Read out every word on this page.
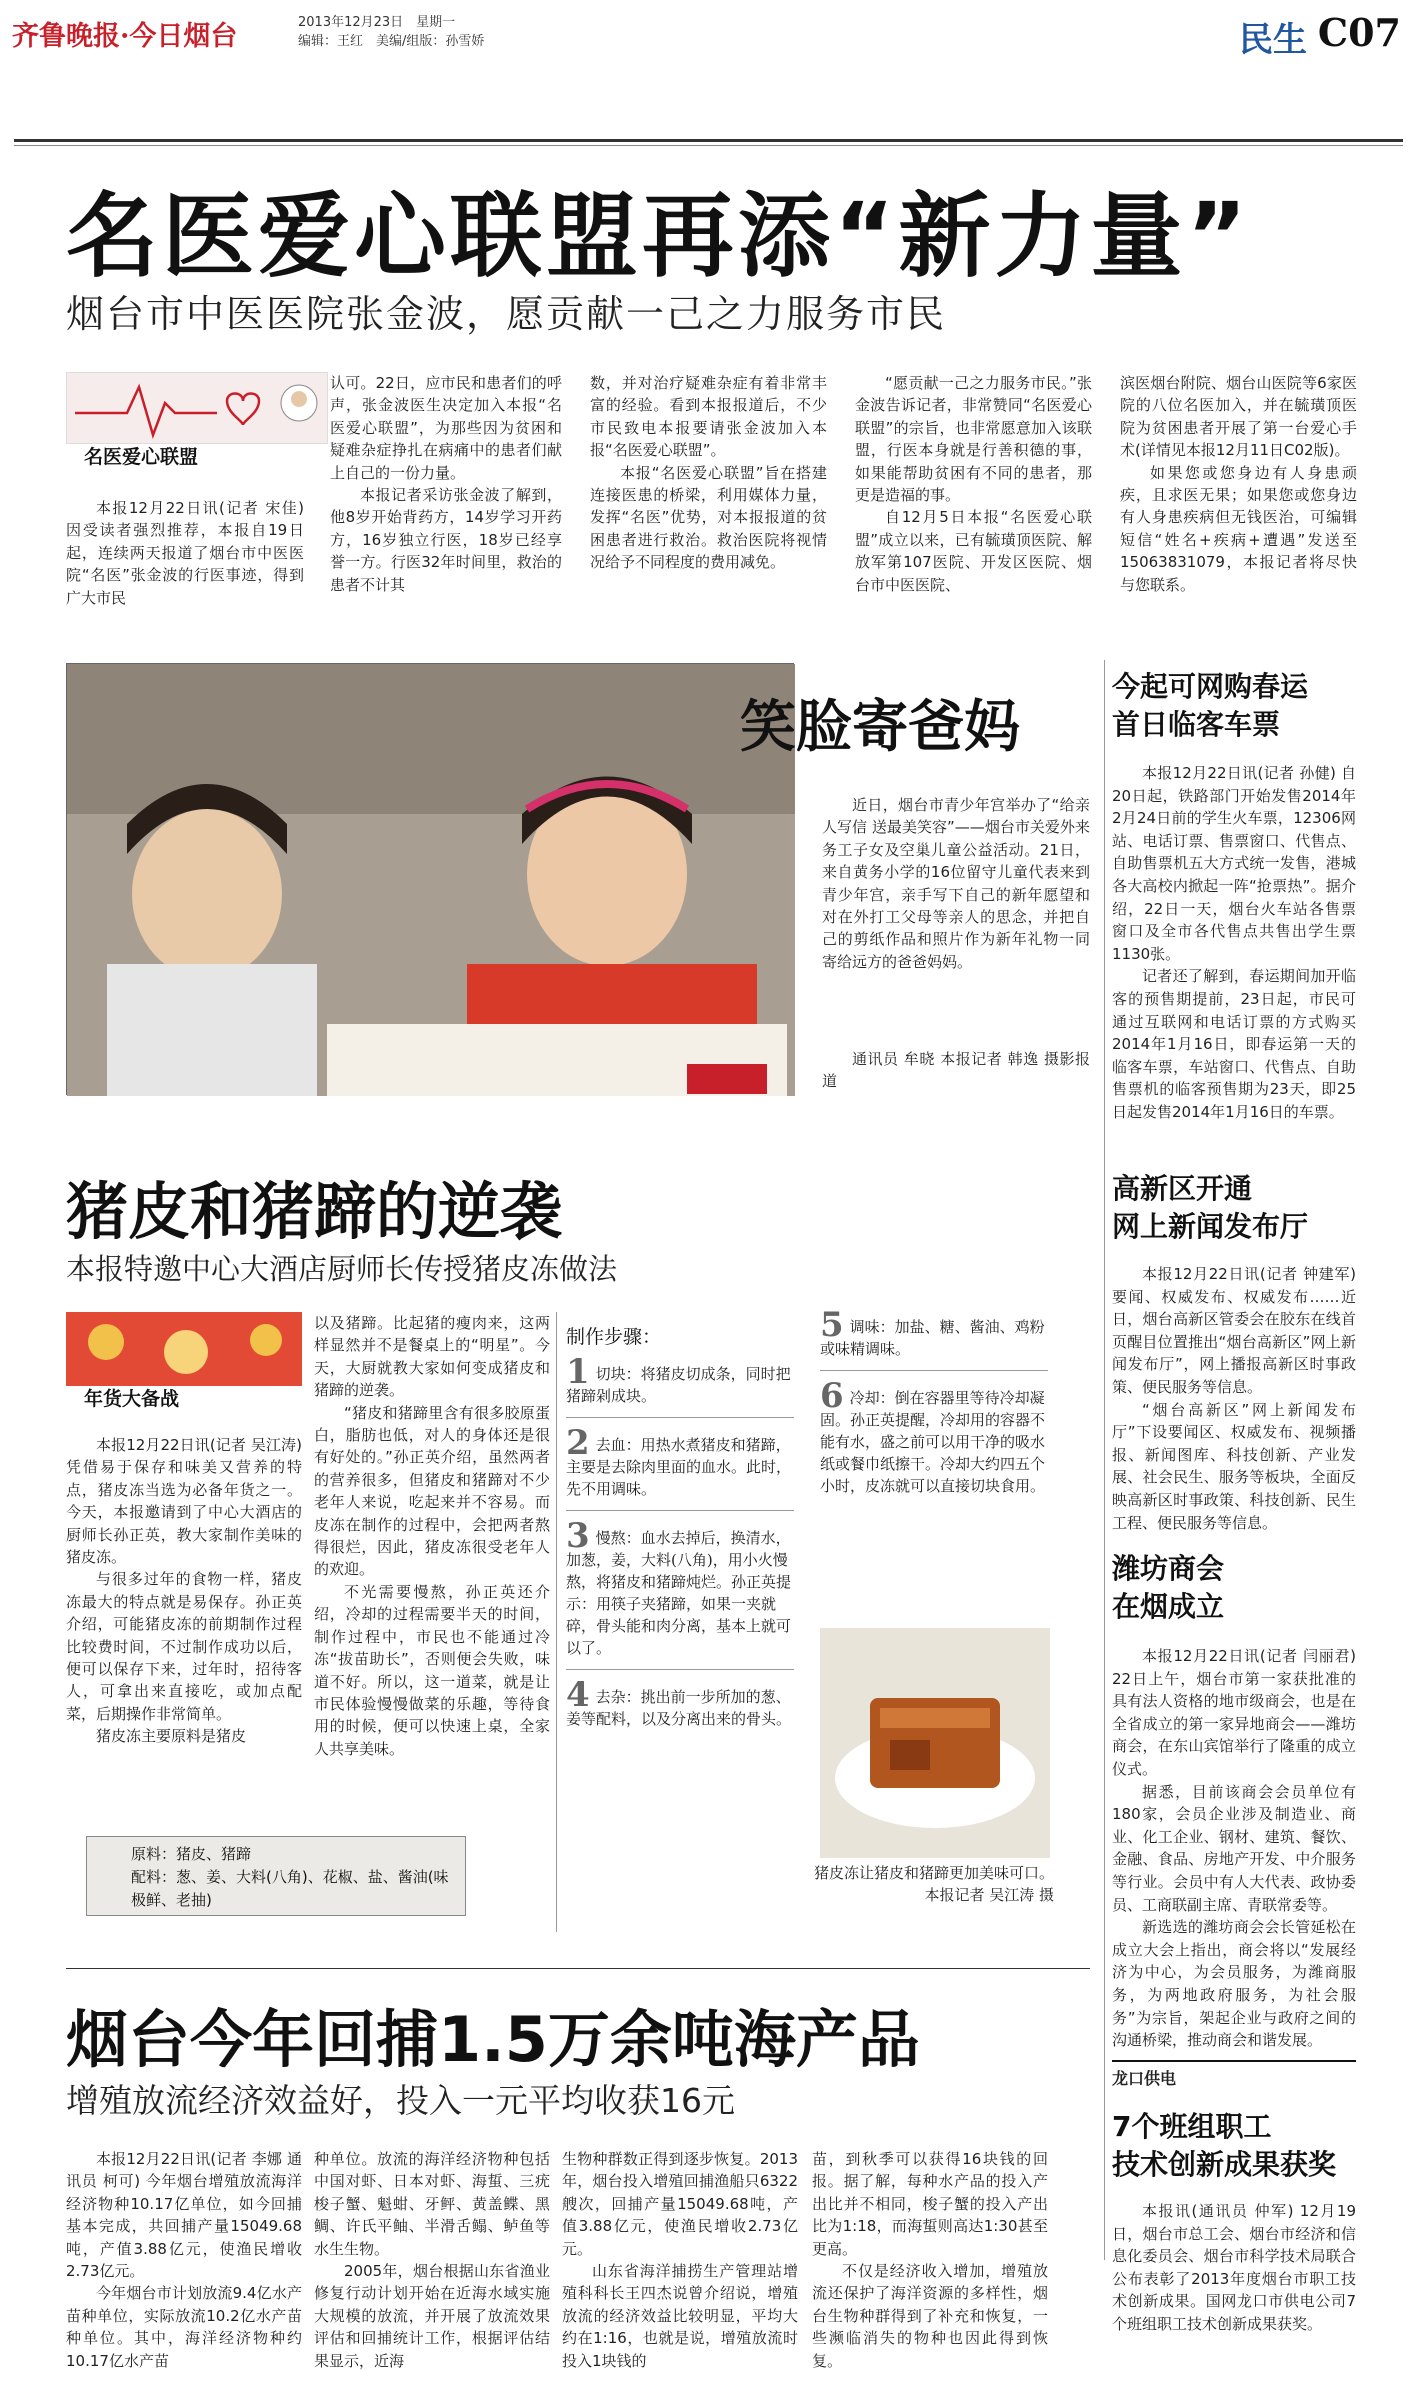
齐鲁晚报·今日烟台	2013年12月23日　星期一
编辑：王红　美编/组版：孙雪娇	民生 C07
名医爱心联盟再添“新力量”
烟台市中医医院张金波，愿贡献一己之力服务市民
名医爱心联盟

本报12月22日讯(记者 宋佳) 因受读者强烈推荐，本报自19日起，连续两天报道了烟台市中医医院“名医”张金波的行医事迹，得到广大市民

认可。22日，应市民和患者们的呼声，张金波医生决定加入本报“名医爱心联盟”，为那些因为贫困和疑难杂症挣扎在病痛中的患者们献上自己的一份力量。

本报记者采访张金波了解到，他8岁开始背药方，14岁学习开药方，16岁独立行医，18岁已经享誉一方。行医32年时间里，救治的患者不计其

数，并对治疗疑难杂症有着非常丰富的经验。看到本报报道后，不少市民致电本报要请张金波加入本报“名医爱心联盟”。

本报“名医爱心联盟”旨在搭建连接医患的桥梁，利用媒体力量，发挥“名医”优势，对本报报道的贫困患者进行救治。救治医院将视情况给予不同程度的费用减免。

“愿贡献一己之力服务市民。”张金波告诉记者，非常赞同“名医爱心联盟”的宗旨，也非常愿意加入该联盟，行医本身就是行善积德的事，如果能帮助贫困有不同的患者，那更是造福的事。

自12月5日本报“名医爱心联盟”成立以来，已有毓璜顶医院、解放军第107医院、开发区医院、烟台市中医医院、

滨医烟台附院、烟台山医院等6家医院的八位名医加入，并在毓璜顶医院为贫困患者开展了第一台爱心手术(详情见本报12月11日C02版)。

如果您或您身边有人身患顽疾，且求医无果；如果您或您身边有人身患疾病但无钱医治，可编辑短信“姓名+疾病+遭遇”发送至15063831079，本报记者将尽快与您联系。

笑脸寄爸妈

近日，烟台市青少年宫举办了“给亲人写信 送最美笑容”——烟台市关爱外来务工子女及空巢儿童公益活动。21日，来自黄务小学的16位留守儿童代表来到青少年宫，亲手写下自己的新年愿望和对在外打工父母等亲人的思念，并把自己的剪纸作品和照片作为新年礼物一同寄给远方的爸爸妈妈。

通讯员 牟晓 本报记者 韩逸 摄影报道
今起可网购春运
首日临客车票

本报12月22日讯(记者 孙健) 自20日起，铁路部门开始发售2014年2月24日前的学生火车票，12306网站、电话订票、售票窗口、代售点、自助售票机五大方式统一发售，港城各大高校内掀起一阵“抢票热”。据介绍，22日一天，烟台火车站各售票窗口及全市各代售点共售出学生票1130张。

记者还了解到，春运期间加开临客的预售期提前，23日起，市民可通过互联网和电话订票的方式购买2014年1月16日，即春运第一天的临客车票，车站窗口、代售点、自助售票机的临客预售期为23天，即25日起发售2014年1月16日的车票。

猪皮和猪蹄的逆袭
本报特邀中心大酒店厨师长传授猪皮冻做法
年货大备战

本报12月22日讯(记者 吴江涛) 凭借易于保存和味美又营养的特点，猪皮冻当选为必备年货之一。今天，本报邀请到了中心大酒店的厨师长孙正英，教大家制作美味的猪皮冻。

与很多过年的食物一样，猪皮冻最大的特点就是易保存。孙正英介绍，可能猪皮冻的前期制作过程比较费时间，不过制作成功以后，便可以保存下来，过年时，招待客人，可拿出来直接吃，或加点配菜，后期操作非常简单。

猪皮冻主要原料是猪皮

以及猪蹄。比起猪的瘦肉来，这两样显然并不是餐桌上的“明星”。今天，大厨就教大家如何变成猪皮和猪蹄的逆袭。

“猪皮和猪蹄里含有很多胶原蛋白，脂肪也低，对人的身体还是很有好处的。”孙正英介绍，虽然两者的营养很多，但猪皮和猪蹄对不少老年人来说，吃起来并不容易。而皮冻在制作的过程中，会把两者熬得很烂，因此，猪皮冻很受老年人的欢迎。

不光需要慢熬，孙正英还介绍，冷却的过程需要半天的时间，制作过程中，市民也不能通过冷冻“拔苗助长”，否则便会失败，味道不好。所以，这一道菜，就是让市民体验慢慢做菜的乐趣，等待食用的时候，便可以快速上桌，全家人共享美味。

原料：猪皮、猪蹄
配料：葱、姜、大料(八角)、花椒、盐、酱油(味极鲜、老抽)
制作步骤：
1 切块：将猪皮切成条，同时把猪蹄剁成块。
2 去血：用热水煮猪皮和猪蹄，主要是去除肉里面的血水。此时，先不用调味。
3 慢熬：血水去掉后，换清水，加葱，姜，大料(八角)，用小火慢熬，将猪皮和猪蹄炖烂。孙正英提示：用筷子夹猪蹄，如果一夹就碎，骨头能和肉分离，基本上就可以了。
4 去杂：挑出前一步所加的葱、姜等配料，以及分离出来的骨头。
5 调味：加盐、糖、酱油、鸡粉或味精调味。
6 冷却：倒在容器里等待冷却凝固。孙正英提醒，冷却用的容器不能有水，盛之前可以用干净的吸水纸或餐巾纸擦干。冷却大约四五个小时，皮冻就可以直接切块食用。
猪皮冻让猪皮和猪蹄更加美味可口。
本报记者 吴江涛 摄
高新区开通
网上新闻发布厅

本报12月22日讯(记者 钟建军) 要闻、权威发布、权威发布……近日，烟台高新区管委会在胶东在线首页醒目位置推出“烟台高新区”网上新闻发布厅”，网上播报高新区时事政策、便民服务等信息。

“烟台高新区”网上新闻发布厅”下设要闻区、权威发布、视频播报、新闻图库、科技创新、产业发展、社会民生、服务等板块，全面反映高新区时事政策、科技创新、民生工程、便民服务等信息。

潍坊商会
在烟成立

本报12月22日讯(记者 闫丽君) 22日上午，烟台市第一家获批准的具有法人资格的地市级商会，也是在全省成立的第一家异地商会——潍坊商会，在东山宾馆举行了隆重的成立仪式。

据悉，目前该商会会员单位有180家，会员企业涉及制造业、商业、化工企业、钢材、建筑、餐饮、金融、食品、房地产开发、中介服务等行业。会员中有人大代表、政协委员、工商联副主席、青联常委等。

新选选的潍坊商会会长管延松在成立大会上指出，商会将以“发展经济为中心，为会员服务，为潍商服务，为两地政府服务，为社会服务”为宗旨，架起企业与政府之间的沟通桥梁，推动商会和谐发展。

龙口供电
7个班组职工
技术创新成果获奖

本报讯(通讯员 仲军) 12月19日，烟台市总工会、烟台市经济和信息化委员会、烟台市科学技术局联合公布表彰了2013年度烟台市职工技术创新成果。国网龙口市供电公司7个班组职工技术创新成果获奖。

烟台今年回捕1.5万余吨海产品
增殖放流经济效益好，投入一元平均收获16元

本报12月22日讯(记者 李娜 通讯员 柯可) 今年烟台增殖放流海洋经济物种10.17亿单位，如今回捕基本完成，共回捕产量15049.68吨，产值3.88亿元，使渔民增收2.73亿元。

今年烟台市计划放流9.4亿水产苗种单位，实际放流10.2亿水产苗种单位。其中，海洋经济物种约10.17亿水产苗

种单位。放流的海洋经济物种包括中国对虾、日本对虾、海蜇、三疣梭子蟹、魁蚶、牙鲆、黄盖鲽、黑鲷、许氏平鲉、半滑舌鳎、鲈鱼等水生生物。

2005年，烟台根据山东省渔业修复行动计划开始在近海水域实施大规模的放流，并开展了放流效果评估和回捕统计工作，根据评估结果显示，近海

生物种群数正得到逐步恢复。2013年，烟台投入增殖回捕渔船只6322艘次，回捕产量15049.68吨，产值3.88亿元，使渔民增收2.73亿元。

山东省海洋捕捞生产管理站增殖科科长王四杰说曾介绍说，增殖放流的经济效益比较明显，平均大约在1:16，也就是说，增殖放流时投入1块钱的

苗，到秋季可以获得16块钱的回报。据了解，每种水产品的投入产出比并不相同，梭子蟹的投入产出比为1:18，而海蜇则高达1:30甚至更高。

不仅是经济收入增加，增殖放流还保护了海洋资源的多样性，烟台生物种群得到了补充和恢复，一些濒临消失的物种也因此得到恢复。
